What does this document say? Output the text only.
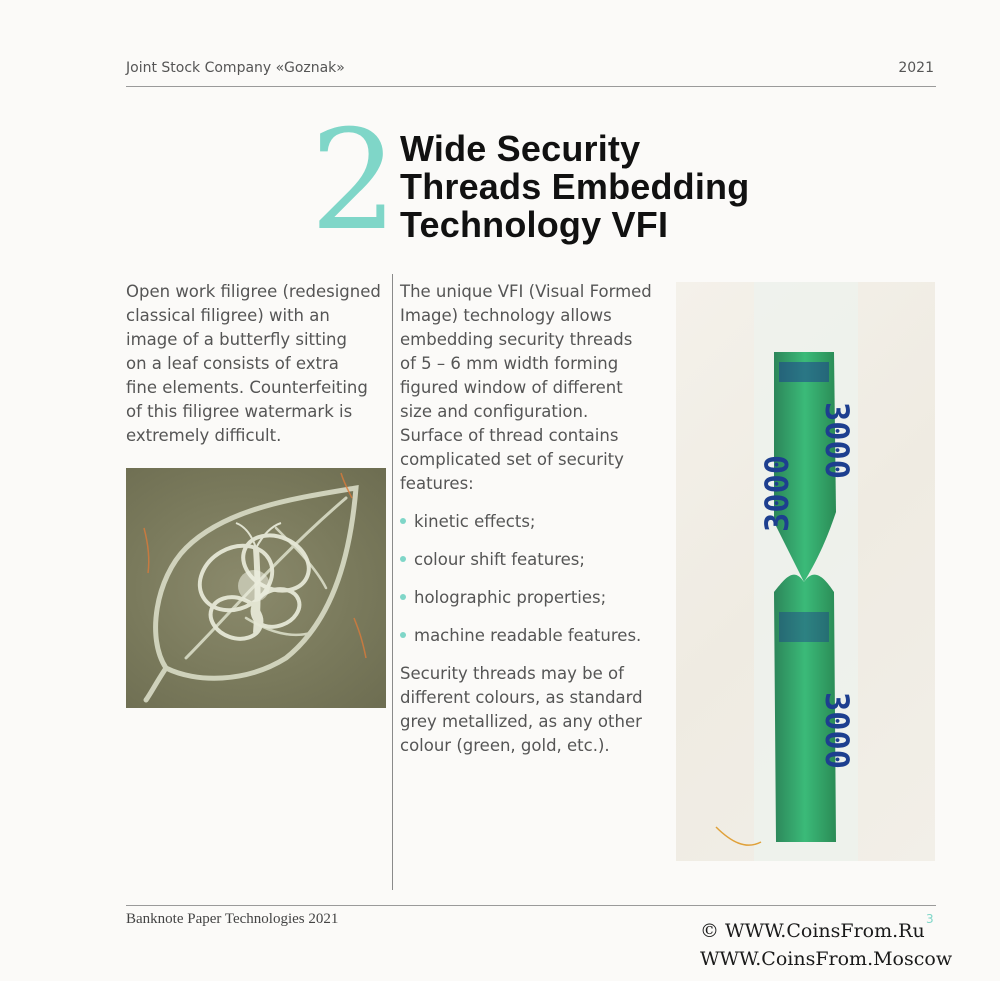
Joint Stock Company «Goznak»	2021
2 Wide Security
Threads Embedding
Technology VFI
Open work filigree (redesigned
classical filigree) with an
image of a butterfly sitting
on a leaf consists of extra
fine elements. Counterfeiting
of this filigree watermark is
extremely difficult.
The unique VFI (Visual Formed
Image) technology allows
embedding security threads
of 5 – 6 mm width forming
figured window of different
size and configuration.
Surface of thread contains
complicated set of security
features:
kinetic effects;
colour shift features;
holographic properties;
machine readable features.
Security threads may be of
different colours, as standard
grey metallized, as any other
colour (green, gold, etc.).
3000
3000
3000
Banknote Paper Technologies 2021	3
© WWW.CoinsFrom.Ru
WWW.CoinsFrom.Moscow
